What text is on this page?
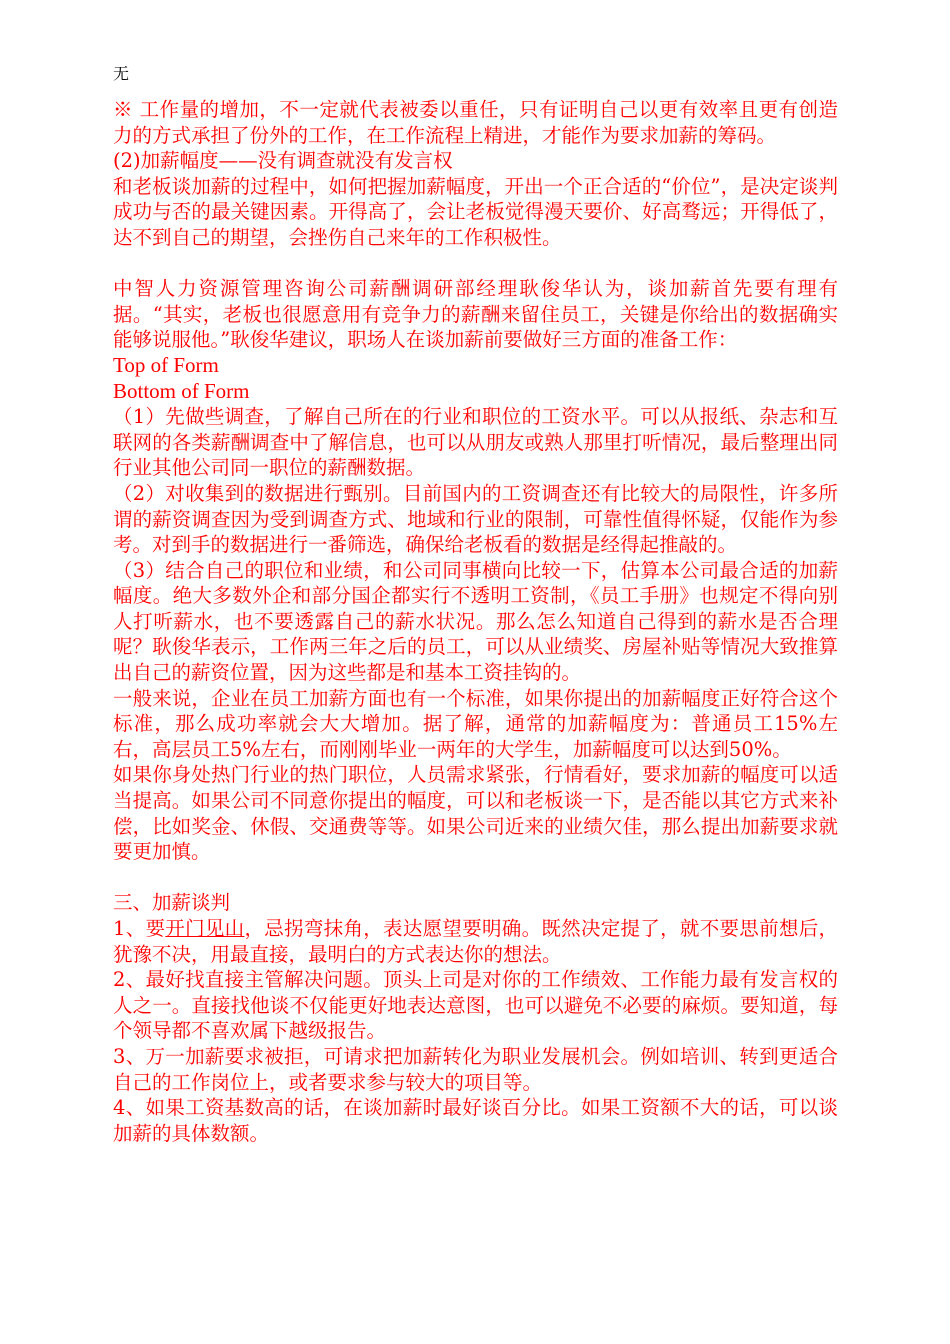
无

※ 工作量的增加，不一定就代表被委以重任，只有证明自己以更有效率且更有创造力的方式承担了份外的工作，在工作流程上精进，才能作为要求加薪的筹码。

(2)加薪幅度——没有调查就没有发言权

和老板谈加薪的过程中，如何把握加薪幅度，开出一个正合适的“价位”，是决定谈判成功与否的最关键因素。开得高了，会让老板觉得漫天要价、好高骛远；开得低了，达不到自己的期望，会挫伤自己来年的工作积极性。

中智人力资源管理咨询公司薪酬调研部经理耿俊华认为，谈加薪首先要有理有据。“其实，老板也很愿意用有竞争力的薪酬来留住员工，关键是你给出的数据确实能够说服他。”耿俊华建议，职场人在谈加薪前要做好三方面的准备工作：

Top of Form

Bottom of Form

（1）先做些调查，了解自己所在的行业和职位的工资水平。可以从报纸、杂志和互联网的各类薪酬调查中了解信息，也可以从朋友或熟人那里打听情况，最后整理出同行业其他公司同一职位的薪酬数据。

（2）对收集到的数据进行甄别。目前国内的工资调查还有比较大的局限性，许多所谓的薪资调查因为受到调查方式、地域和行业的限制，可靠性值得怀疑，仅能作为参考。对到手的数据进行一番筛选，确保给老板看的数据是经得起推敲的。

（3）结合自己的职位和业绩，和公司同事横向比较一下，估算本公司最合适的加薪幅度。绝大多数外企和部分国企都实行不透明工资制，《员工手册》也规定不得向别人打听薪水，也不要透露自己的薪水状况。那么怎么知道自己得到的薪水是否合理呢？耿俊华表示，工作两三年之后的员工，可以从业绩奖、房屋补贴等情况大致推算出自己的薪资位置，因为这些都是和基本工资挂钩的。

一般来说，企业在员工加薪方面也有一个标准，如果你提出的加薪幅度正好符合这个标准，那么成功率就会大大增加。据了解，通常的加薪幅度为：普通员工15%左右，高层员工5%左右，而刚刚毕业一两年的大学生，加薪幅度可以达到50%。

如果你身处热门行业的热门职位，人员需求紧张，行情看好，要求加薪的幅度可以适当提高。如果公司不同意你提出的幅度，可以和老板谈一下，是否能以其它方式来补偿，比如奖金、休假、交通费等等。如果公司近来的业绩欠佳，那么提出加薪要求就要更加慎。

三、加薪谈判

1、要开门见山，忌拐弯抹角，表达愿望要明确。既然决定提了，就不要思前想后，犹豫不决，用最直接，最明白的方式表达你的想法。

2、最好找直接主管解决问题。顶头上司是对你的工作绩效、工作能力最有发言权的人之一。直接找他谈不仅能更好地表达意图，也可以避免不必要的麻烦。要知道，每个领导都不喜欢属下越级报告。

3、万一加薪要求被拒，可请求把加薪转化为职业发展机会。例如培训、转到更适合自己的工作岗位上，或者要求参与较大的项目等。

4、如果工资基数高的话，在谈加薪时最好谈百分比。如果工资额不大的话，可以谈加薪的具体数额。
